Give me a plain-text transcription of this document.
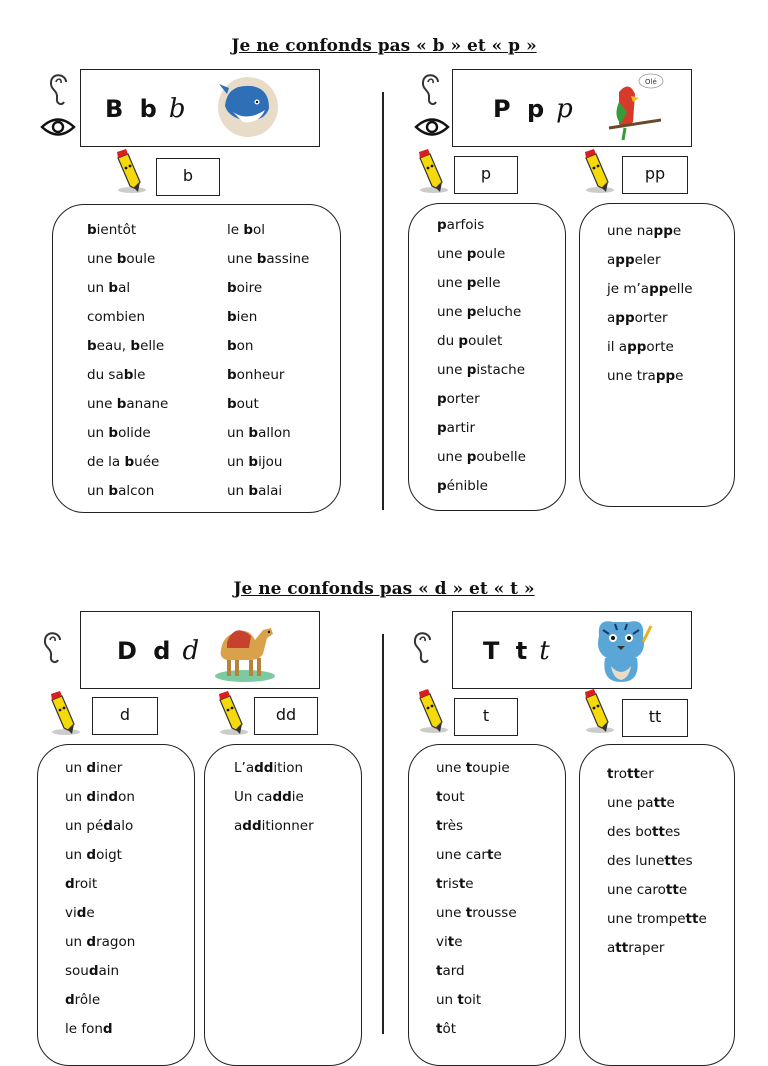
Je ne confonds pas « b » et « p »
B b b
b
bientôt
une boule
un bal
combien
beau, belle
du sable
une banane
un bolide
de la buée
un balcon
le bol
une bassine
boire
bien
bon
bonheur
bout
un ballon
un bijou
un balai
P p p
Olé
p	pp
parfois
une poule
une pelle
une peluche
du poulet
une pistache
porter
partir
une poubelle
pénible
une nappe
appeler
je m’appelle
apporter
il apporte
une trappe
Je ne confonds pas « d » et « t »
D d d
d	dd
un diner
un dindon
un pédalo
un doigt
droit
vide
un dragon
soudain
drôle
le fond
L’addition
Un caddie
additionner
T t t
t	tt
une toupie
tout
très
une carte
triste
une trousse
vite
tard
un toit
tôt
trotter
une patte
des bottes
des lunettes
une carotte
une trompette
attraper
